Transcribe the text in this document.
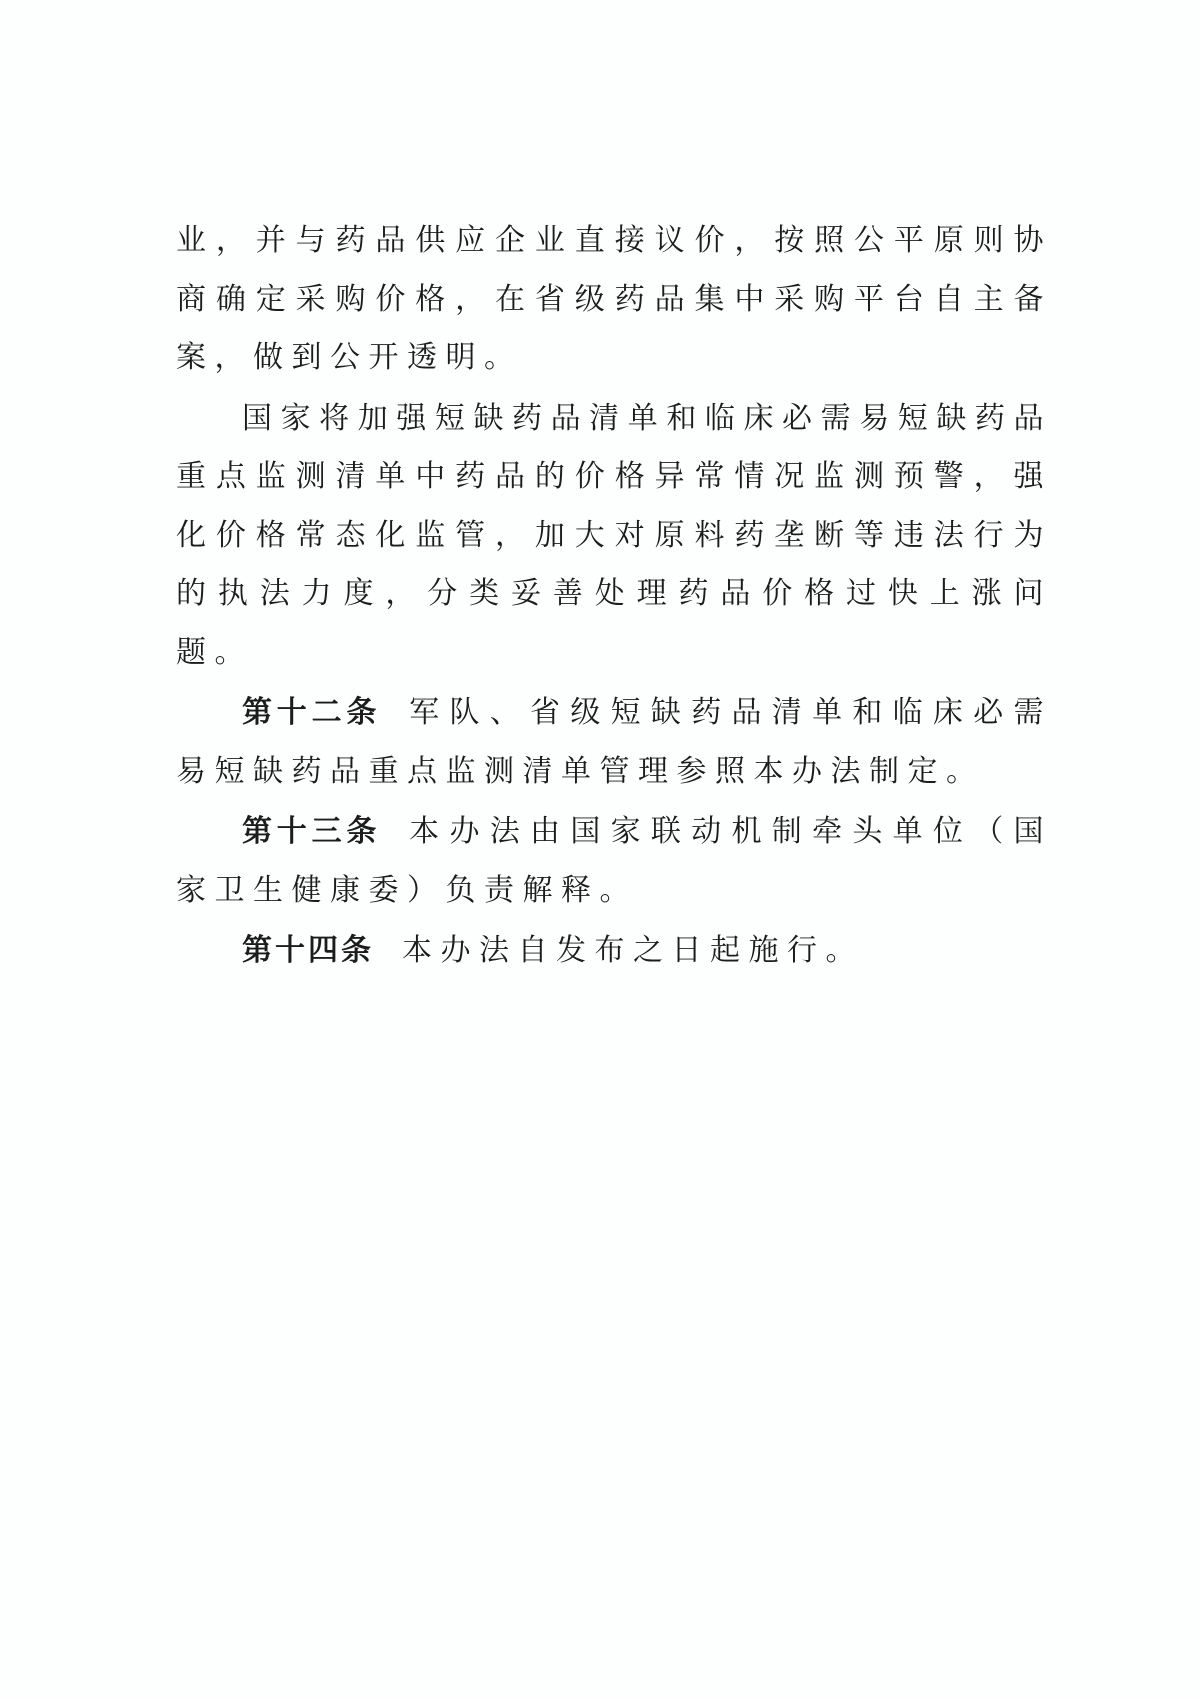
业，并与药品供应企业直接议价，按照公平原则协商确定采购价格，在省级药品集中采购平台自主备案，做到公开透明。

国家将加强短缺药品清单和临床必需易短缺药品重点监测清单中药品的价格异常情况监测预警，强化价格常态化监管，加大对原料药垄断等违法行为的执法力度，分类妥善处理药品价格过快上涨问题。

第十二条 军队、省级短缺药品清单和临床必需易短缺药品重点监测清单管理参照本办法制定。

第十三条 本办法由国家联动机制牵头单位（国家卫生健康委）负责解释。

第十四条 本办法自发布之日起施行。
